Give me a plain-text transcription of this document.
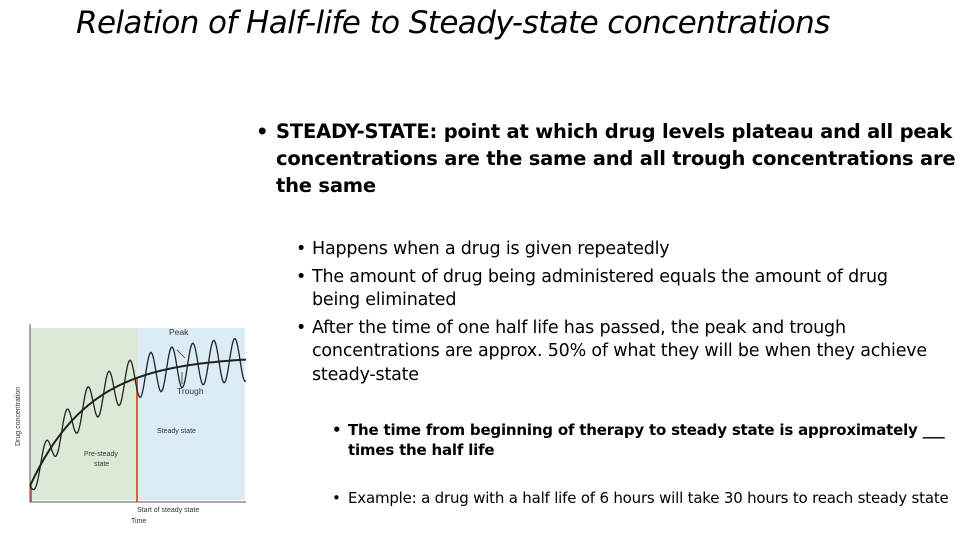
Relation of Half-life to Steady-state concentrations
• STEADY-STATE: point at which drug levels plateau and all peak concentrations are the same and all trough concentrations are the same
• Happens when a drug is given repeatedly
• The amount of drug being administered equals the amount of drug being eliminated
• After the time of one half life has passed, the peak and trough concentrations are approx. 50% of what they will be when they achieve steady-state
• The time from beginning of therapy to steady state is approximately ___ times the half life
• Example: a drug with a half life of 6 hours will take 30 hours to reach steady state
Peak
Trough
Steady state
Pre-steady
state
Start of steady state
Time
Drug concentration
